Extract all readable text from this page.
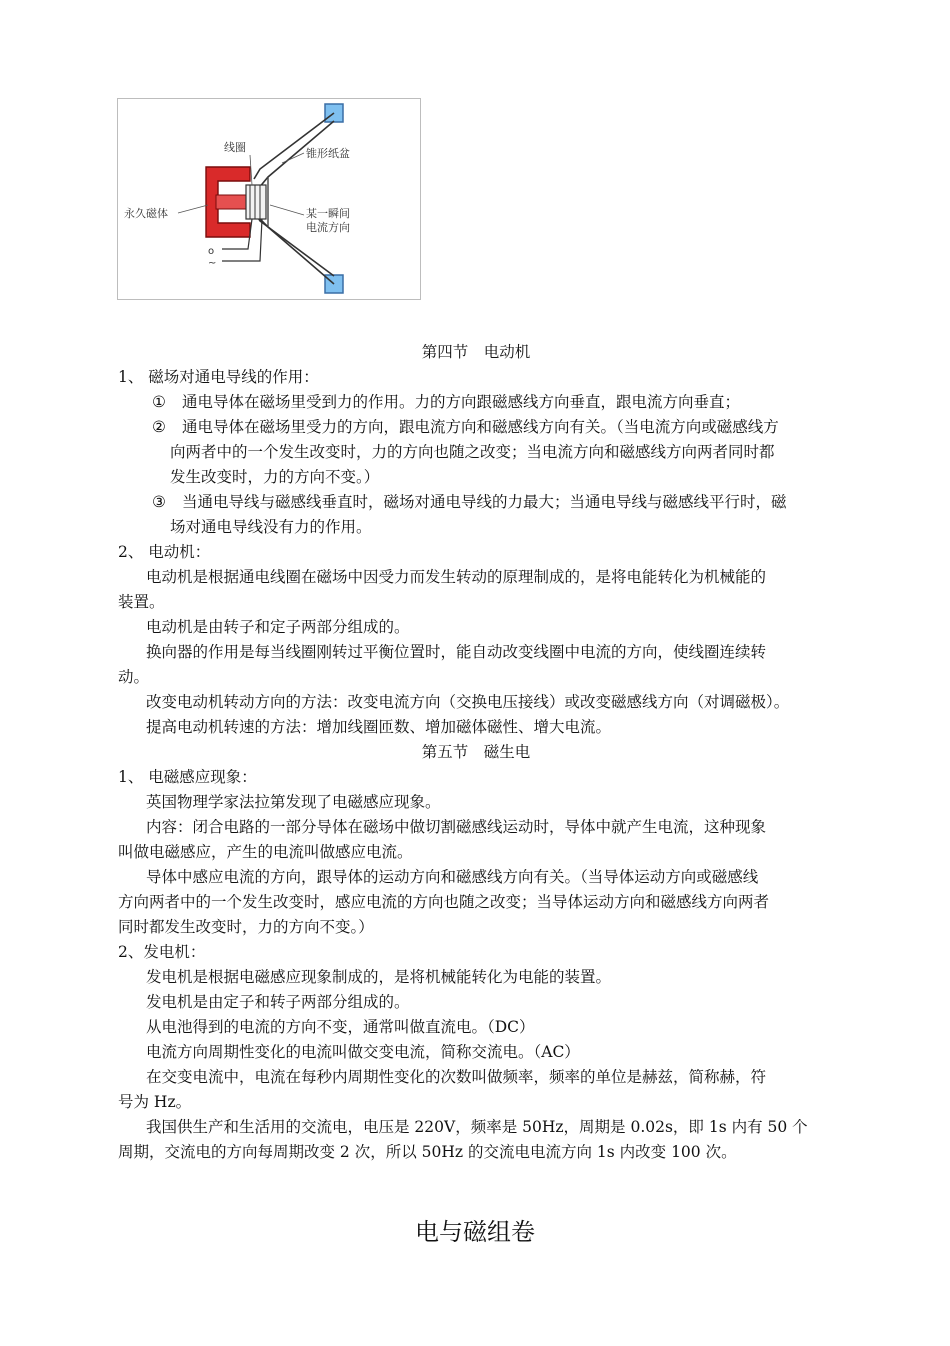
o
~
线圈	锥形纸盆
永久磁体	某一瞬间
电流方向
第四节　电动机
1、 磁场对通电导线的作用：
① 通电导体在磁场里受到力的作用。力的方向跟磁感线方向垂直，跟电流方向垂直；
② 通电导体在磁场里受力的方向，跟电流方向和磁感线方向有关。（当电流方向或磁感线方
向两者中的一个发生改变时，力的方向也随之改变；当电流方向和磁感线方向两者同时都
发生改变时，力的方向不变。）
③ 当通电导线与磁感线垂直时，磁场对通电导线的力最大；当通电导线与磁感线平行时，磁
场对通电导线没有力的作用。
2、 电动机：
电动机是根据通电线圈在磁场中因受力而发生转动的原理制成的，是将电能转化为机械能的
装置。
电动机是由转子和定子两部分组成的。
换向器的作用是每当线圈刚转过平衡位置时，能自动改变线圈中电流的方向，使线圈连续转
动。
改变电动机转动方向的方法：改变电流方向（交换电压接线）或改变磁感线方向（对调磁极）。
提高电动机转速的方法：增加线圈匝数、增加磁体磁性、增大电流。
第五节　磁生电
1、 电磁感应现象：
英国物理学家法拉第发现了电磁感应现象。
内容：闭合电路的一部分导体在磁场中做切割磁感线运动时，导体中就产生电流，这种现象
叫做电磁感应，产生的电流叫做感应电流。
导体中感应电流的方向，跟导体的运动方向和磁感线方向有关。（当导体运动方向或磁感线
方向两者中的一个发生改变时，感应电流的方向也随之改变；当导体运动方向和磁感线方向两者
同时都发生改变时，力的方向不变。）
2、发电机：
发电机是根据电磁感应现象制成的，是将机械能转化为电能的装置。
发电机是由定子和转子两部分组成的。
从电池得到的电流的方向不变，通常叫做直流电。（DC）
电流方向周期性变化的电流叫做交变电流，简称交流电。（AC）
在交变电流中，电流在每秒内周期性变化的次数叫做频率，频率的单位是赫兹，简称赫，符
号为 Hz。
我国供生产和生活用的交流电，电压是 220V，频率是 50Hz，周期是 0.02s，即 1s 内有 50 个
周期，交流电的方向每周期改变 2 次，所以 50Hz 的交流电电流方向 1s 内改变 100 次。
电与磁组卷
